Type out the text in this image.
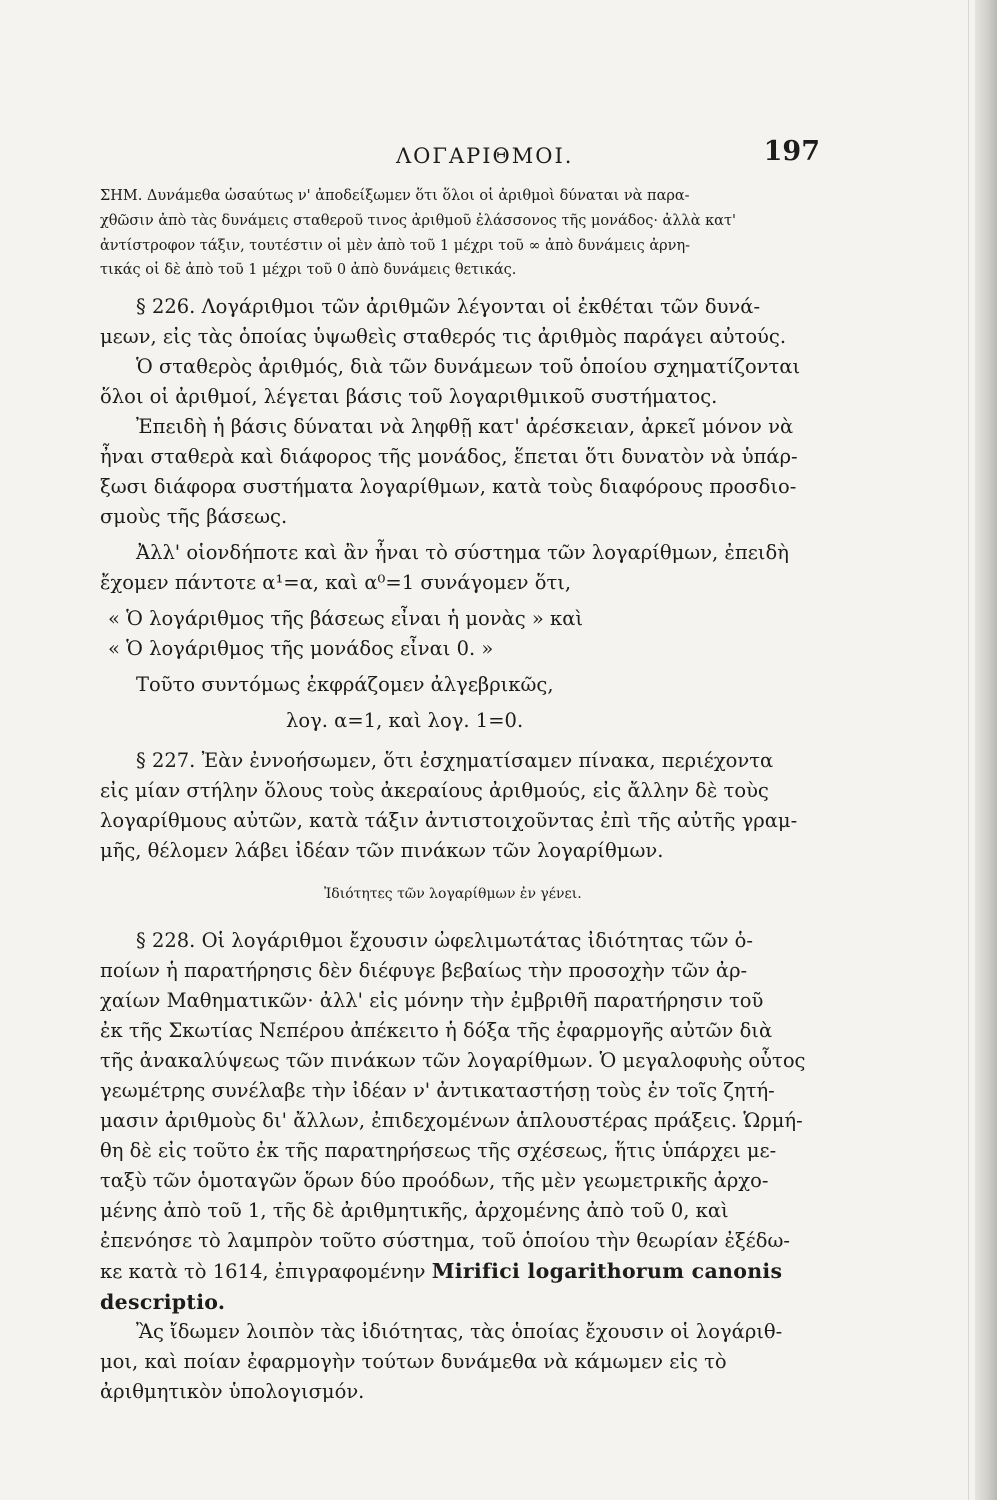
ΛΟΓΑΡΙΘΜΟΙ.	197
ΣΗΜ. Δυνάμεθα ὡσαύτως ν' ἀποδείξωμεν ὅτι ὅλοι οἱ ἀριθμοὶ δύναται νὰ παρα-
χθῶσιν ἀπὸ τὰς δυνάμεις σταθεροῦ τινος ἀριθμοῦ ἐλάσσονος τῆς μονάδος· ἀλλὰ κατ'
ἀντίστροφον τάξιν, τουτέστιν οἱ μὲν ἀπὸ τοῦ 1 μέχρι τοῦ ∞ ἀπὸ δυνάμεις ἀρνη-
τικάς οἱ δὲ ἀπὸ τοῦ 1 μέχρι τοῦ 0 ἀπὸ δυνάμεις θετικάς.
§ 226. Λογάριθμοι τῶν ἀριθμῶν λέγονται οἱ ἐκθέται τῶν δυνά-
μεων, εἰς τὰς ὁποίας ὑψωθεὶς σταθερός τις ἀριθμὸς παράγει αὐτούς.
Ὁ σταθερὸς ἀριθμός, διὰ τῶν δυνάμεων τοῦ ὁποίου σχηματίζονται
ὅλοι οἱ ἀριθμοί, λέγεται βάσις τοῦ λογαριθμικοῦ συστήματος.
Ἐπειδὴ ἡ βάσις δύναται νὰ ληφθῇ κατ' ἀρέσκειαν, ἀρκεῖ μόνον νὰ
ἦναι σταθερὰ καὶ διάφορος τῆς μονάδος, ἕπεται ὅτι δυνατὸν νὰ ὑπάρ-
ξωσι διάφορα συστήματα λογαρίθμων, κατὰ τοὺς διαφόρους προσδιο-
σμοὺς τῆς βάσεως.
Ἀλλ' οἱονδήποτε καὶ ἂν ἦναι τὸ σύστημα τῶν λογαρίθμων, ἐπειδὴ
ἔχομεν πάντοτε α¹=α, καὶ α⁰=1 συνάγομεν ὅτι,
« Ὁ λογάριθμος τῆς βάσεως εἶναι ἡ μονὰς » καὶ
« Ὁ λογάριθμος τῆς μονάδος εἶναι 0. »
Τοῦτο συντόμως ἐκφράζομεν ἀλγεβρικῶς,
λογ. α=1, καὶ λογ. 1=0.
§ 227. Ἐὰν ἐννοήσωμεν, ὅτι ἐσχηματίσαμεν πίνακα, περιέχοντα
εἰς μίαν στήλην ὅλους τοὺς ἀκεραίους ἀριθμούς, εἰς ἄλλην δὲ τοὺς
λογαρίθμους αὐτῶν, κατὰ τάξιν ἀντιστοιχοῦντας ἐπὶ τῆς αὐτῆς γραμ-
μῆς, θέλομεν λάβει ἰδέαν τῶν πινάκων τῶν λογαρίθμων.
Ἰδιότητες τῶν λογαρίθμων ἐν γένει.
§ 228. Οἱ λογάριθμοι ἔχουσιν ὠφελιμωτάτας ἰδιότητας τῶν ὁ-
ποίων ἡ παρατήρησις δὲν διέφυγε βεβαίως τὴν προσοχὴν τῶν ἀρ-
χαίων Μαθηματικῶν· ἀλλ' εἰς μόνην τὴν ἐμβριθῆ παρατήρησιν τοῦ
ἐκ τῆς Σκωτίας Νεπέρου ἀπέκειτο ἡ δόξα τῆς ἐφαρμογῆς αὐτῶν διὰ
τῆς ἀνακαλύψεως τῶν πινάκων τῶν λογαρίθμων. Ὁ μεγαλοφυὴς οὗτος
γεωμέτρης συνέλαβε τὴν ἰδέαν ν' ἀντικαταστήσῃ τοὺς ἐν τοῖς ζητή-
μασιν ἀριθμοὺς δι' ἄλλων, ἐπιδεχομένων ἁπλουστέρας πράξεις. Ὡρμή-
θη δὲ εἰς τοῦτο ἐκ τῆς παρατηρήσεως τῆς σχέσεως, ἥτις ὑπάρχει με-
ταξὺ τῶν ὁμοταγῶν ὅρων δύο προόδων, τῆς μὲν γεωμετρικῆς ἀρχο-
μένης ἀπὸ τοῦ 1, τῆς δὲ ἀριθμητικῆς, ἀρχομένης ἀπὸ τοῦ 0, καὶ
ἐπενόησε τὸ λαμπρὸν τοῦτο σύστημα, τοῦ ὁποίου τὴν θεωρίαν ἐξέδω-
κε κατὰ τὸ 1614, ἐπιγραφομένην Mirifici logarithorum canonis
descriptio.
Ἂς ἴδωμεν λοιπὸν τὰς ἰδιότητας, τὰς ὁποίας ἔχουσιν οἱ λογάριθ-
μοι, καὶ ποίαν ἐφαρμογὴν τούτων δυνάμεθα νὰ κάμωμεν εἰς τὸ
ἀριθμητικὸν ὑπολογισμόν.
